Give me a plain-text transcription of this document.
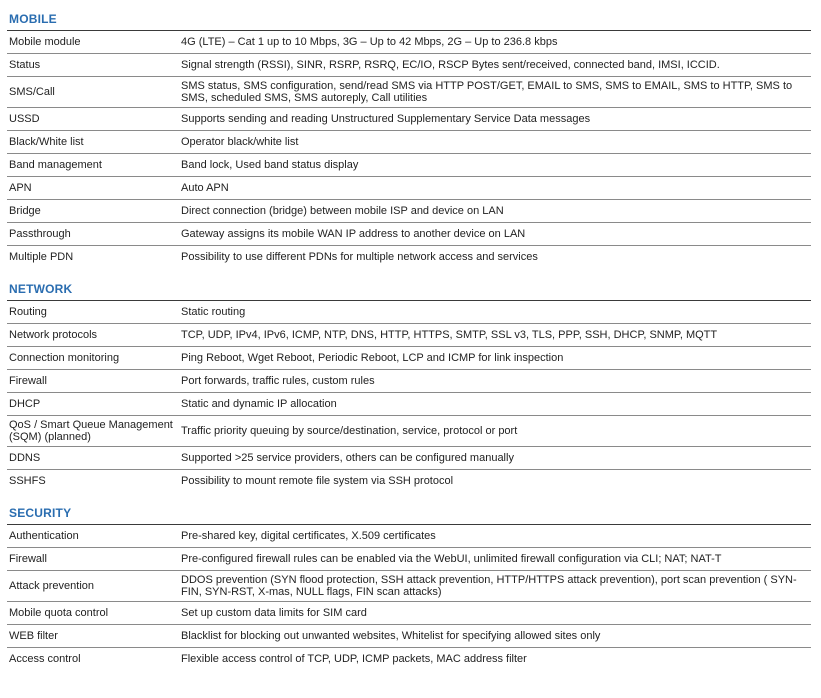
MOBILE
Mobile module	4G (LTE) – Cat 1 up to 10 Mbps, 3G – Up to 42 Mbps, 2G – Up to 236.8 kbps
Status	Signal strength (RSSI), SINR, RSRP, RSRQ, EC/IO, RSCP Bytes sent/received, connected band, IMSI, ICCID.
SMS/Call	SMS status, SMS configuration, send/read SMS via HTTP POST/GET, EMAIL to SMS, SMS to EMAIL, SMS to HTTP, SMS to SMS, scheduled SMS, SMS autoreply, Call utilities
USSD	Supports sending and reading Unstructured Supplementary Service Data messages
Black/White list	Operator black/white list
Band management	Band lock, Used band status display
APN	Auto APN
Bridge	Direct connection (bridge) between mobile ISP and device on LAN
Passthrough	Gateway assigns its mobile WAN IP address to another device on LAN
Multiple PDN	Possibility to use different PDNs for multiple network access and services
NETWORK
Routing	Static routing
Network protocols	TCP, UDP, IPv4, IPv6, ICMP, NTP, DNS, HTTP, HTTPS, SMTP, SSL v3, TLS, PPP, SSH, DHCP, SNMP, MQTT
Connection monitoring	Ping Reboot, Wget Reboot, Periodic Reboot, LCP and ICMP for link inspection
Firewall	Port forwards, traffic rules, custom rules
DHCP	Static and dynamic IP allocation
QoS / Smart Queue Management (SQM) (planned)	Traffic priority queuing by source/destination, service, protocol or port
DDNS	Supported >25 service providers, others can be configured manually
SSHFS	Possibility to mount remote file system via SSH protocol
SECURITY
Authentication	Pre-shared key, digital certificates, X.509 certificates
Firewall	Pre-configured firewall rules can be enabled via the WebUI, unlimited firewall configuration via CLI; NAT; NAT-T
Attack prevention	DDOS prevention (SYN flood protection, SSH attack prevention, HTTP/HTTPS attack prevention), port scan prevention ( SYN-FIN, SYN-RST, X-mas, NULL flags, FIN scan attacks)
Mobile quota control	Set up custom data limits for SIM card
WEB filter	Blacklist for blocking out unwanted websites, Whitelist for specifying allowed sites only
Access control	Flexible access control of TCP, UDP, ICMP packets, MAC address filter
